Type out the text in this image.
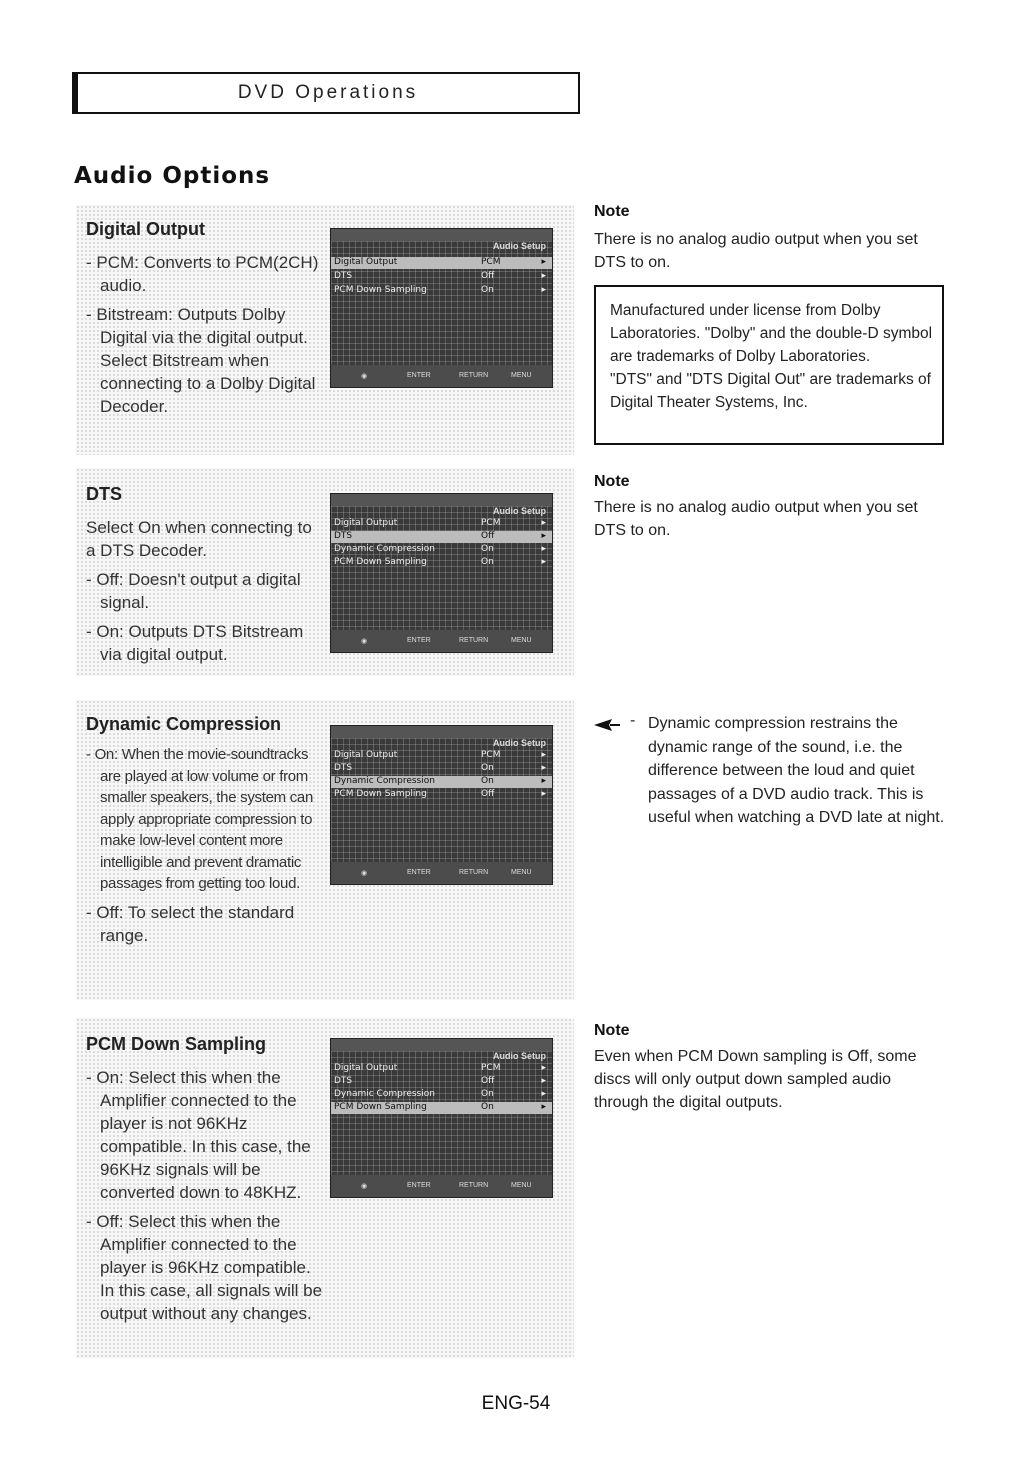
DVD Operations
Audio Options
Digital Output

- PCM: Converts to PCM(2CH) audio.

- Bitstream: Outputs Dolby Digital via the digital output. Select Bitstream when connecting to a Dolby Digital Decoder.

Audio Setup
Digital Output	PCM	▸
DTS	Off	▸
PCM Down Sampling	On	▸
◉	ENTER	RETURN	MENU
DTS

Select On when connecting to a DTS Decoder.

- Off: Doesn't output a digital signal.

- On: Outputs DTS Bitstream via digital output.

Audio Setup
Digital Output	PCM	▸
DTS	Off	▸
Dynamic Compression	On	▸
PCM Down Sampling	On	▸
◉	ENTER	RETURN	MENU
Dynamic Compression

- On: When the movie-soundtracks are played at low volume or from smaller speakers, the system can apply appropriate compression to make low-level content more intelligible and prevent dramatic passages from getting too loud.

- Off: To select the standard range.

Audio Setup
Digital Output	PCM	▸
DTS	On	▸
Dynamic Compression	On	▸
PCM Down Sampling	Off	▸
◉	ENTER	RETURN	MENU
PCM Down Sampling

- On: Select this when the Amplifier connected to the player is not 96KHz compatible. In this case, the 96KHz signals will be converted down to 48KHZ.

- Off: Select this when the Amplifier connected to the player is 96KHz compatible. In this case, all signals will be output without any changes.

Audio Setup
Digital Output	PCM	▸
DTS	Off	▸
Dynamic Compression	On	▸
PCM Down Sampling	On	▸
◉	ENTER	RETURN	MENU
Note
There is no analog audio output when you set DTS to on.
Manufactured under license from Dolby Laboratories. "Dolby" and the double-D symbol are trademarks of Dolby Laboratories.
"DTS" and "DTS Digital Out" are trademarks of Digital Theater Systems, Inc.
Note
There is no analog audio output when you set DTS to on.
- Dynamic compression restrains the dynamic range of the sound, i.e. the difference between the loud and quiet passages of a DVD audio track. This is useful when watching a DVD late at night.
Note
Even when PCM Down sampling is Off, some discs will only output down sampled audio through the digital outputs.
ENG-54
